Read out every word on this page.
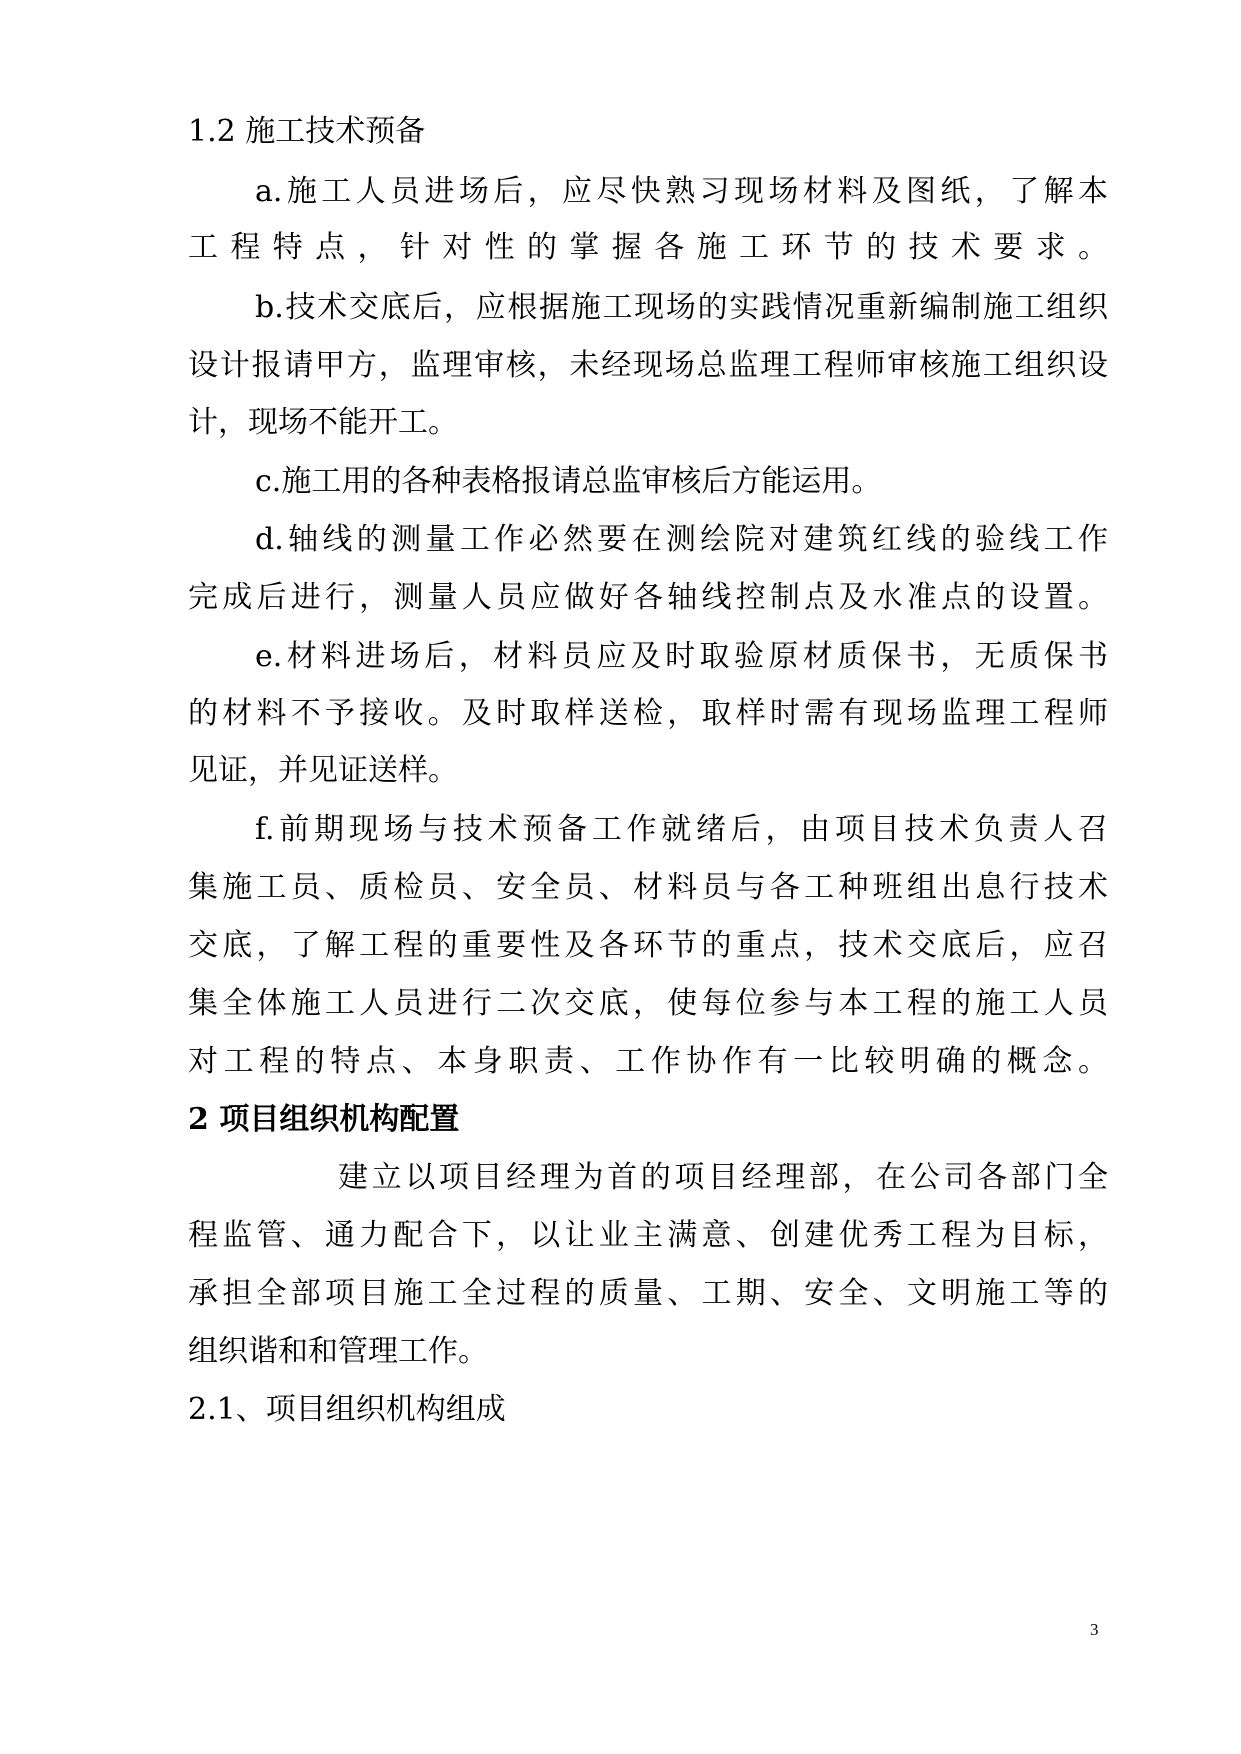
1.2 施工技术预备
a.施工人员进场后，应尽快熟习现场材料及图纸，了解本
工程特点，针对性的掌握各施工环节的技术要求。
b.技术交底后，应根据施工现场的实践情况重新编制施工组织
设计报请甲方，监理审核，未经现场总监理工程师审核施工组织设
计，现场不能开工。
c.施工用的各种表格报请总监审核后方能运用。
d.轴线的测量工作必然要在测绘院对建筑红线的验线工作
完成后进行，测量人员应做好各轴线控制点及水准点的设置。
e.材料进场后，材料员应及时取验原材质保书，无质保书
的材料不予接收。及时取样送检，取样时需有现场监理工程师
见证，并见证送样。
f.前期现场与技术预备工作就绪后，由项目技术负责人召
集施工员、质检员、安全员、材料员与各工种班组出息行技术
交底，了解工程的重要性及各环节的重点，技术交底后，应召
集全体施工人员进行二次交底，使每位参与本工程的施工人员
对工程的特点、本身职责、工作协作有一比较明确的概念。
2 项目组织机构配置
建立以项目经理为首的项目经理部，在公司各部门全
程监管、通力配合下，以让业主满意、创建优秀工程为目标，
承担全部项目施工全过程的质量、工期、安全、文明施工等的
组织谐和和管理工作。
2.1、项目组织机构组成
3
